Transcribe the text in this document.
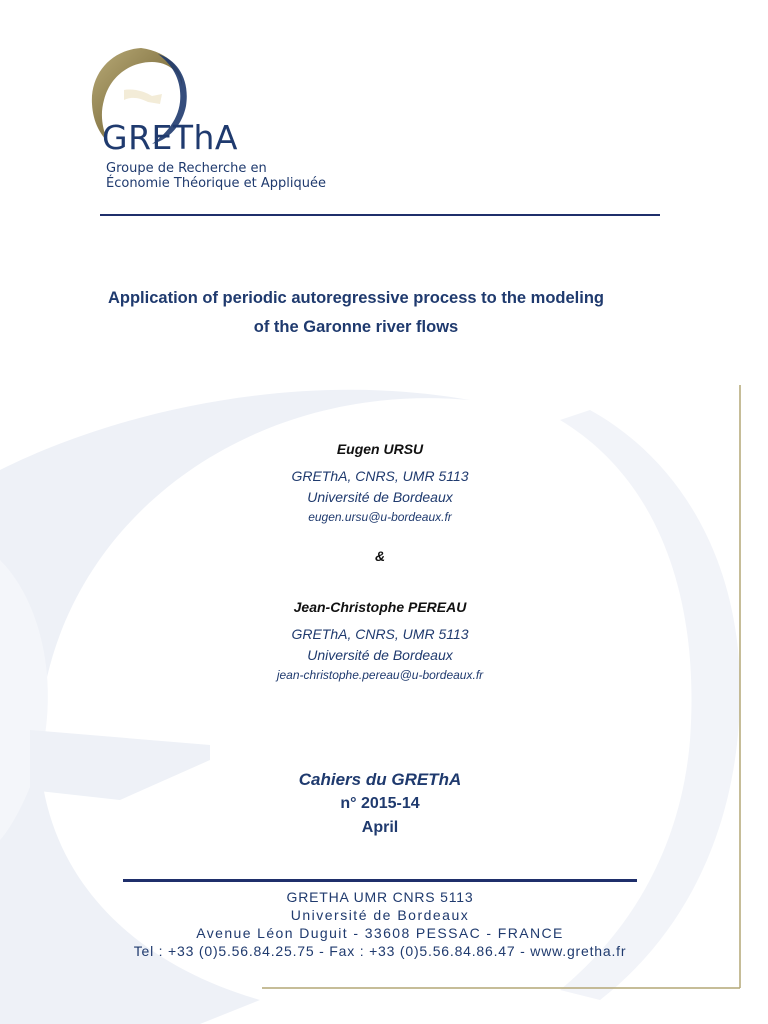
GREThA
Groupe de Recherche en
Économie Théorique et Appliquée
Application of periodic autoregressive process to the modeling
of the Garonne river flows

Eugen URSU

GREThA, CNRS, UMR 5113

Université de Bordeaux

eugen.ursu@u-bordeaux.fr

&

Jean-Christophe PEREAU

GREThA, CNRS, UMR 5113

Université de Bordeaux

jean-christophe.pereau@u-bordeaux.fr

Cahiers du GREThA

n° 2015-14

April

GRETHA UMR CNRS 5113
Université de Bordeaux
Avenue Léon Duguit - 33608 PESSAC - FRANCE
Tel : +33 (0)5.56.84.25.75 - Fax : +33 (0)5.56.84.86.47 - www.gretha.fr
